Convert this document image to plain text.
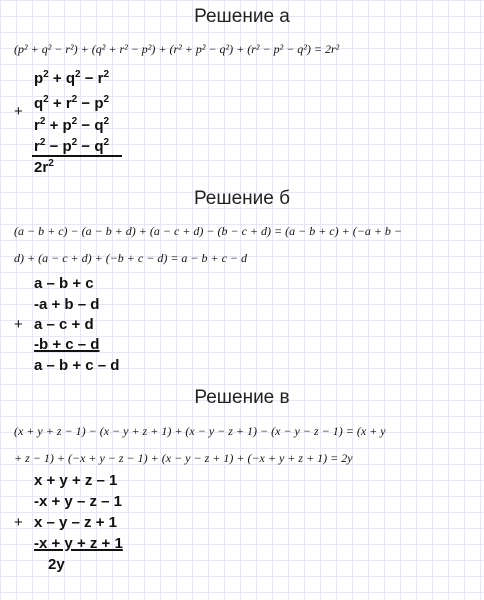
Решение а
(p² + q² − r²) + (q² + r² − p²) + (r² + p² − q²) + (r² − p² − q²) = 2r²
$p^2 + q^2 - r^2$
+ $q^2 + r^2 - p^2$
$r^2 + p^2 - q^2$
$r^2 - p^2 - q^2$
$2r^2$
Решение б
(a − b + c) − (a − b + d) + (a − c + d) − (b − c + d) = (a − b + c) + (−a + b −
d) + (a − c + d) + (−b + c − d) = a − b + c − d
a – b + c
-a + b – d
+ a – c + d
-b + c – d
a – b + c – d
Решение в
(x + y + z − 1) − (x − y + z + 1) + (x − y − z + 1) − (x − y − z − 1) = (x + y
+ z − 1) + (−x + y − z − 1) + (x − y − z + 1) + (−x + y + z + 1) = 2y
x + y + z – 1
-x + y – z – 1
+ x – y – z + 1
-x + y + z + 1
2y
